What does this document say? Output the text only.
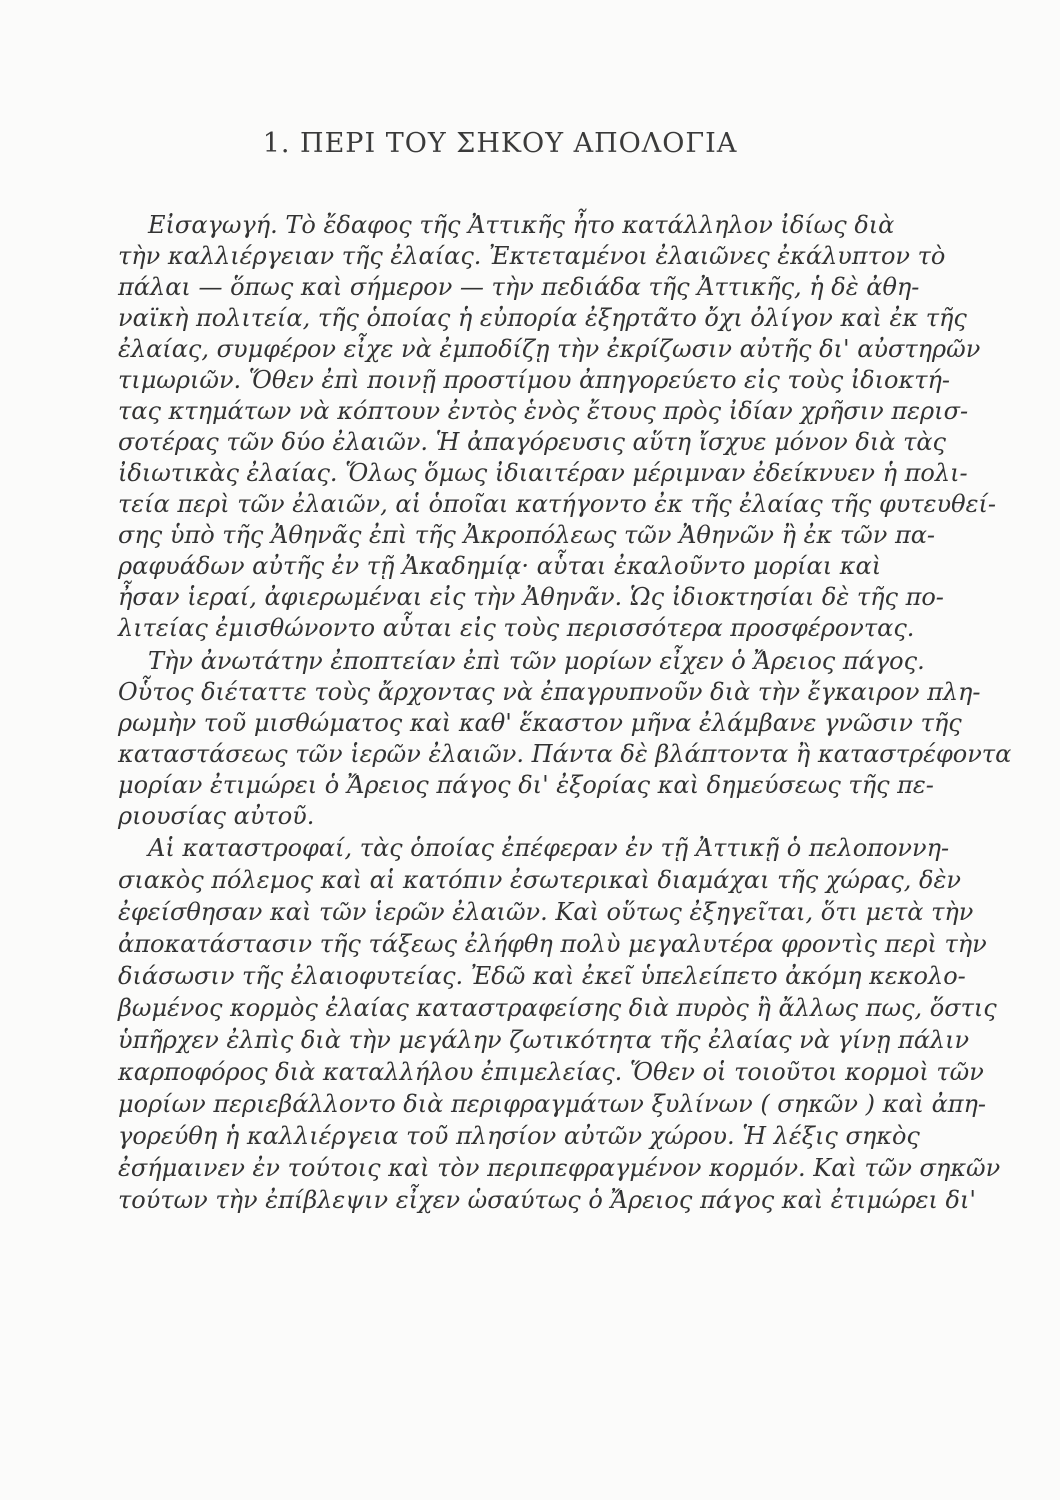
1. ΠΕΡΙ ΤΟΥ ΣΗΚΟΥ ΑΠΟΛΟΓΙΑ
Εἰσαγωγή. Τὸ ἔδαφος τῆς Ἀττικῆς ἦτο κατάλληλον ἰδίως διὰ
τὴν καλλιέργειαν τῆς ἐλαίας. Ἐκτεταμένοι ἐλαιῶνες ἐκάλυπτον τὸ
πάλαι — ὅπως καὶ σήμερον — τὴν πεδιάδα τῆς Ἀττικῆς, ἡ δὲ ἀθη-
ναϊκὴ πολιτεία, τῆς ὁποίας ἡ εὐπορία ἐξηρτᾶτο ὄχι ὀλίγον καὶ ἐκ τῆς
ἐλαίας, συμφέρον εἶχε νὰ ἐμποδίζῃ τὴν ἐκρίζωσιν αὐτῆς δι' αὐστηρῶν
τιμωριῶν. Ὅθεν ἐπὶ ποινῇ προστίμου ἀπηγορεύετο εἰς τοὺς ἰδιοκτή-
τας κτημάτων νὰ κόπτουν ἐντὸς ἑνὸς ἔτους πρὸς ἰδίαν χρῆσιν περισ-
σοτέρας τῶν δύο ἐλαιῶν. Ἡ ἀπαγόρευσις αὕτη ἴσχυε μόνον διὰ τὰς
ἰδιωτικὰς ἐλαίας. Ὅλως ὅμως ἰδιαιτέραν μέριμναν ἐδείκνυεν ἡ πολι-
τεία περὶ τῶν ἐλαιῶν, αἱ ὁποῖαι κατήγοντο ἐκ τῆς ἐλαίας τῆς φυτευθεί-
σης ὑπὸ τῆς Ἀθηνᾶς ἐπὶ τῆς Ἀκροπόλεως τῶν Ἀθηνῶν ἢ ἐκ τῶν πα-
ραφυάδων αὐτῆς ἐν τῇ Ἀκαδημίᾳ· αὗται ἐκαλοῦντο μορίαι καὶ
ἦσαν ἱεραί, ἀφιερωμέναι εἰς τὴν Ἀθηνᾶν. Ὡς ἰδιοκτησίαι δὲ τῆς πο-
λιτείας ἐμισθώνοντο αὗται εἰς τοὺς περισσότερα προσφέροντας.
Τὴν ἀνωτάτην ἐποπτείαν ἐπὶ τῶν μορίων εἶχεν ὁ Ἄρειος πάγος.
Οὗτος διέταττε τοὺς ἄρχοντας νὰ ἐπαγρυπνοῦν διὰ τὴν ἔγκαιρον πλη-
ρωμὴν τοῦ μισθώματος καὶ καθ' ἕκαστον μῆνα ἐλάμβανε γνῶσιν τῆς
καταστάσεως τῶν ἱερῶν ἐλαιῶν. Πάντα δὲ βλάπτοντα ἢ καταστρέφοντα
μορίαν ἐτιμώρει ὁ Ἄρειος πάγος δι' ἐξορίας καὶ δημεύσεως τῆς πε-
ριουσίας αὐτοῦ.
Αἱ καταστροφαί, τὰς ὁποίας ἐπέφεραν ἐν τῇ Ἀττικῇ ὁ πελοποννη-
σιακὸς πόλεμος καὶ αἱ κατόπιν ἐσωτερικαὶ διαμάχαι τῆς χώρας, δὲν
ἐφείσθησαν καὶ τῶν ἱερῶν ἐλαιῶν. Καὶ οὕτως ἐξηγεῖται, ὅτι μετὰ τὴν
ἀποκατάστασιν τῆς τάξεως ἐλήφθη πολὺ μεγαλυτέρα φροντὶς περὶ τὴν
διάσωσιν τῆς ἐλαιοφυτείας. Ἐδῶ καὶ ἐκεῖ ὑπελείπετο ἀκόμη κεκολο-
βωμένος κορμὸς ἐλαίας καταστραφείσης διὰ πυρὸς ἢ ἄλλως πως, ὅστις
ὑπῆρχεν ἐλπὶς διὰ τὴν μεγάλην ζωτικότητα τῆς ἐλαίας νὰ γίνῃ πάλιν
καρποφόρος διὰ καταλλήλου ἐπιμελείας. Ὅθεν οἱ τοιοῦτοι κορμοὶ τῶν
μορίων περιεβάλλοντο διὰ περιφραγμάτων ξυλίνων ( σηκῶν ) καὶ ἀπη-
γορεύθη ἡ καλλιέργεια τοῦ πλησίον αὐτῶν χώρου. Ἡ λέξις σηκὸς
ἐσήμαινεν ἐν τούτοις καὶ τὸν περιπεφραγμένον κορμόν. Καὶ τῶν σηκῶν
τούτων τὴν ἐπίβλεψιν εἶχεν ὡσαύτως ὁ Ἄρειος πάγος καὶ ἐτιμώρει δι'
